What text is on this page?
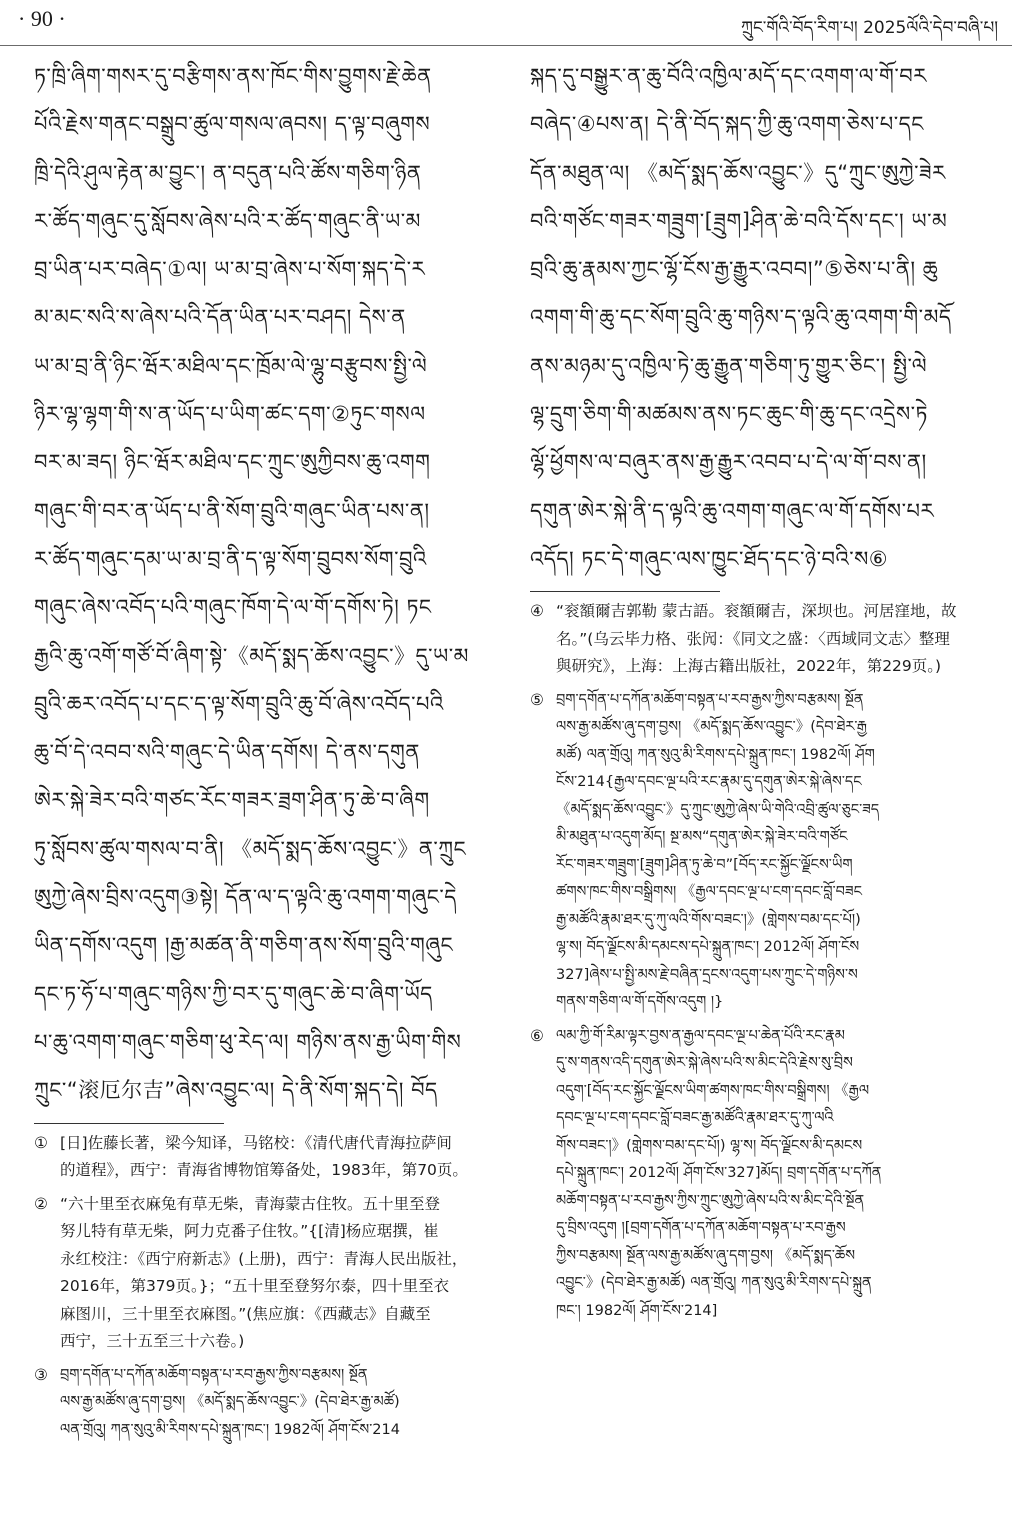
· 90 ·	ཀྲུང་གོའི་བོད་རིག་པ། 2025ལོའི་དེབ་བཞི་པ།
ཏ་ཁྲི་ཞིག་གསར་དུ་བརྩིགས་ནས་ཁོང་གིས་བྱུགས་རྗེ་ཆེན
པོའི་རྗེས་གནང་བསྒྲུབ་ཚུལ་གསལ་ཞབས། ད་ལྟ་བཞུགས
ཁྲི་དེའི་ཤུལ་རྟེན་མ་བྱུང་། ན་བདུན་པའི་ཚོས་གཅིག་ཉིན
ར་ཚོད་གཞུང་དུ་སློབས་ཞེས་པའི་ར་ཚོད་གཞུང་ནི་ཡ་མ
བྲ་ཡིན་པར་བཞེད་①ལ། ཡ་མ་བྲ་ཞེས་པ་སོག་སྐད་དེ་ར
མ་མང་སའི་ས་ཞེས་པའི་དོན་ཡིན་པར་བཤད། དེས་ན
ཡ་མ་བྲ་ནི་ཉིང་ཝོར་མཐིལ་དང་ཁྲོམ་ལེ་ལྷུ་བརྩུབས་སྤྱི་ལེ
ཉིར་ལྷ་ལྷག་གི་ས་ན་ཡོད་པ་ཡིག་ཚང་དག་②ཏུང་གསལ
བར་མ་ཟད། ཉིང་ཝོར་མཐིལ་དང་ཀྲུང་ཨུཀྱིབས་ཆུ་འགག
གཞུང་གི་བར་ན་ཡོད་པ་ནི་སོག་བྲུའི་གཞུང་ཡིན་པས་ན།
ར་ཚོད་གཞུང་དམ་ཡ་མ་བྲ་ནི་ད་ལྟ་སོག་བྲུབས་སོག་བྲུའི
གཞུང་ཞེས་འབོད་པའི་གཞུང་ཁོག་དེ་ལ་གོ་དགོས་ཏེ། ཏང
རྒྱའི་ཆུ་འགོ་གཙོ་བོ་ཞིག་སྟེ་《མདོ་སྨད་ཆོས་འབྱུང་》དུ་ཡ་མ
བྲུའི་ཆར་འབོད་པ་དང་ད་ལྟ་སོག་བྲུའི་ཆུ་བོ་ཞེས་འབོད་པའི
ཆུ་བོ་དེ་འབབ་སའི་གཞུང་དེ་ཡིན་དགོས། དེ་ནས་དགུན
ཨེར་སྐེ་ཟེར་བའི་གཙང་རོང་གཟར་ཟྲག་ཤིན་ཏུ་ཆེ་བ་ཞིག
ཏུ་སློབས་ཚུལ་གསལ་བ་ནི། 《མདོ་སྨད་ཆོས་འབྱུང་》ན་ཀྲུང
ཨུཀྱེ་ཞེས་བྲིས་འདུག③སྟེ། དོན་ལ་ད་ལྟའི་ཆུ་འགག་གཞུང་དེ
ཡིན་དགོས་འདུག །རྒྱ་མཚན་ནི་གཅིག་ནས་སོག་བྲུའི་གཞུང
དང་ཏ་ཧོ་པ་གཞུང་གཉིས་ཀྱི་བར་དུ་གཞུང་ཆེ་བ་ཞིག་ཡོད
པ་ཆུ་འགག་གཞུང་གཅིག་ཕུ་རེད་ལ། གཉིས་ནས་རྒྱ་ཡིག་གིས
ཀྲུང་“滚厄尔吉”ཞེས་འབྱུང་ལ། དེ་ནི་སོག་སྐད་དེ། བོད
① [日]佐藤长著，梁今知译，马铭校：《清代唐代青海拉萨间
的道程》，西宁：青海省博物馆筹备处，1983年，第70页。
② “六十里至衣麻兔有草无柴，青海蒙古住牧。五十里至登
努儿特有草无柴，阿力克番子住牧。”{[清]杨应琚撰，崔
永红校注：《西宁府新志》(上册)，西宁：青海人民出版社，
2016年，第379页。}；“五十里至登努尔泰，四十里至衣
麻图川，三十里至衣麻图。”(焦应旗：《西藏志》自藏至
西宁，三十五至三十六卷。)
③ བྲག་དགོན་པ་དཀོན་མཆོག་བསྟན་པ་རབ་རྒྱས་ཀྱིས་བརྩམས། སྔོན
ལས་རྒྱ་མཚོས་ཞུ་དག་བྱས། 《མདོ་སྨད་ཆོས་འབྱུང་》(དེབ་ཐེར་རྒྱ་མཚོ)
ལན་གྲོའུ། ཀན་སུའུ་མི་རིགས་དཔེ་སྐྲུན་ཁང་། 1982ལོ། ཤོག་ངོས་214
སྐད་དུ་བསྒྱུར་ན་ཆུ་བོའི་འཁྱིལ་མདོ་དང་འགག་ལ་གོ་བར
བཞེད་④པས་ན། དེ་ནི་བོད་སྐད་ཀྱི་ཆུ་འགག་ཅེས་པ་དང
དོན་མཐུན་ལ། 《མདོ་སྨད་ཆོས་འབྱུང་》དུ“ཀྲུང་ཨུཀྱེ་ཟེར
བའི་གཙོང་གཟར་གཟྲུག་[ཟྲུག]ཤིན་ཆེ་བའི་དོས་དང་། ཡ་མ
བྲའི་ཆུ་རྣམས་ཀྱང་ལྷོ་ངོས་རྒྱ་རྒྱུར་འབབ།”⑤ཅེས་པ་ནི། ཆུ
འགག་གི་ཆུ་དང་སོག་བྲུའི་ཆུ་གཉིས་ད་ལྟའི་ཆུ་འགག་གི་མདོ
ནས་མཉམ་དུ་འཁྱིལ་ཏེ་ཆུ་རྒྱུན་གཅིག་ཏུ་གྱུར་ཅིང་། སྤྱི་ལེ
ལྷ་དྲུག་ཅིག་གི་མཚམས་ནས་ཏང་ཆུང་གི་ཆུ་དང་འདྲེས་ཏེ
ལྷོ་ཕྱོགས་ལ་བཞུར་ནས་རྒྱ་རྒྱུར་འབབ་པ་དེ་ལ་གོ་བས་ན།
དགུན་ཨེར་སྐེ་ནི་ད་ལྟའི་ཆུ་འགག་གཞུང་ལ་གོ་དགོས་པར
འདོད། ཏང་དེ་གཞུང་ལས་ཁྱུང་ཐོད་དང་ཉེ་བའི་ས⑥
④ “衮額爾吉郭勒 蒙古語。衮額爾吉，深坝也。河居窪地，故
名。”(乌云毕力格、张闶：《同文之盛：〈西域同文志〉整理
與研究》，上海：上海古籍出版社，2022年，第229页。)
⑤ བྲག་དགོན་པ་དཀོན་མཆོག་བསྟན་པ་རབ་རྒྱས་ཀྱིས་བརྩམས། སྔོན
ལས་རྒྱ་མཚོས་ཞུ་དག་བྱས། 《མདོ་སྨད་ཆོས་འབྱུང་》(དེབ་ཐེར་རྒྱ
མཚོ) ལན་གྲོའུ། ཀན་སུའུ་མི་རིགས་དཔེ་སྐྲུན་ཁང་། 1982ལོ། ཤོག
ངོས་214{རྒྱལ་དབང་ལྔ་པའི་རང་རྣམ་དུ་དགུན་ཨེར་སྐེ་ཞེས་དང
《མདོ་སྨད་ཆོས་འབྱུང་》དུ་ཀྲུང་ཨུཀྱེ་ཞེས་ཡི་གེའི་འབྲི་ཚུལ་ཅུང་ཟད
མི་མཐུན་པ་འདུག་མོད། སྔ་མས“དགུན་ཨེར་སྐེ་ཟེར་བའི་གཙོང
རོང་གཟར་གཟྲུག་[ཟྲུག]ཤིན་ཏུ་ཆེ་བ”[བོད་རང་སྐྱོང་ལྗོངས་ཡིག
ཚགས་ཁང་གིས་བསྒྲིགས། 《རྒྱལ་དབང་ལྔ་པ་ངག་དབང་བློ་བཟང
རྒྱ་མཚོའི་རྣམ་ཐར་དུ་ཀུ་ལའི་གོས་བཟང་།》(གླེགས་བམ་དང་པོ།)
ལྷ་ས། བོད་ལྗོངས་མི་དམངས་དཔེ་སྐྲུན་ཁང་། 2012ལོ། ཤོག་ངོས
327]ཞེས་པ་སྤྱི་མས་རྗེ་བཞིན་དྲངས་འདུག་པས་ཀྲུང་དེ་གཉིས་ས
གནས་གཅིག་ལ་གོ་དགོས་འདུག །}
⑥ ལམ་ཀྱི་གོ་རིམ་ལྟར་བྱས་ན་རྒྱལ་དབང་ལྔ་པ་ཆེན་པོའི་རང་རྣམ
དུ་ས་གནས་འདི་དགུན་ཨེར་སྐེ་ཞེས་པའི་ས་མིང་དེའི་རྗེས་སུ་བྲིས
འདུག་[བོད་རང་སྐྱོང་ལྗོངས་ཡིག་ཚགས་ཁང་གིས་བསྒྲིགས། 《རྒྱལ
དབང་ལྔ་པ་ངག་དབང་བློ་བཟང་རྒྱ་མཚོའི་རྣམ་ཐར་དུ་ཀུ་ལའི
གོས་བཟང་།》(གླེགས་བམ་དང་པོ།) ལྷ་ས། བོད་ལྗོངས་མི་དམངས
དཔེ་སྐྲུན་ཁང་། 2012ལོ། ཤོག་ངོས་327]མོད། བྲག་དགོན་པ་དཀོན
མཆོག་བསྟན་པ་རབ་རྒྱས་ཀྱིས་ཀྲུང་ཨུཀྱེ་ཞེས་པའི་ས་མིང་དེའི་སྔོན
དུ་བྲིས་འདུག །[བྲག་དགོན་པ་དཀོན་མཆོག་བསྟན་པ་རབ་རྒྱས
ཀྱིས་བརྩམས། སྔོན་ལས་རྒྱ་མཚོས་ཞུ་དག་བྱས། 《མདོ་སྨད་ཆོས
འབྱུང་》(དེབ་ཐེར་རྒྱ་མཚོ) ལན་གྲོའུ། ཀན་སུའུ་མི་རིགས་དཔེ་སྐྲུན
ཁང་། 1982ལོ། ཤོག་ངོས་214]
